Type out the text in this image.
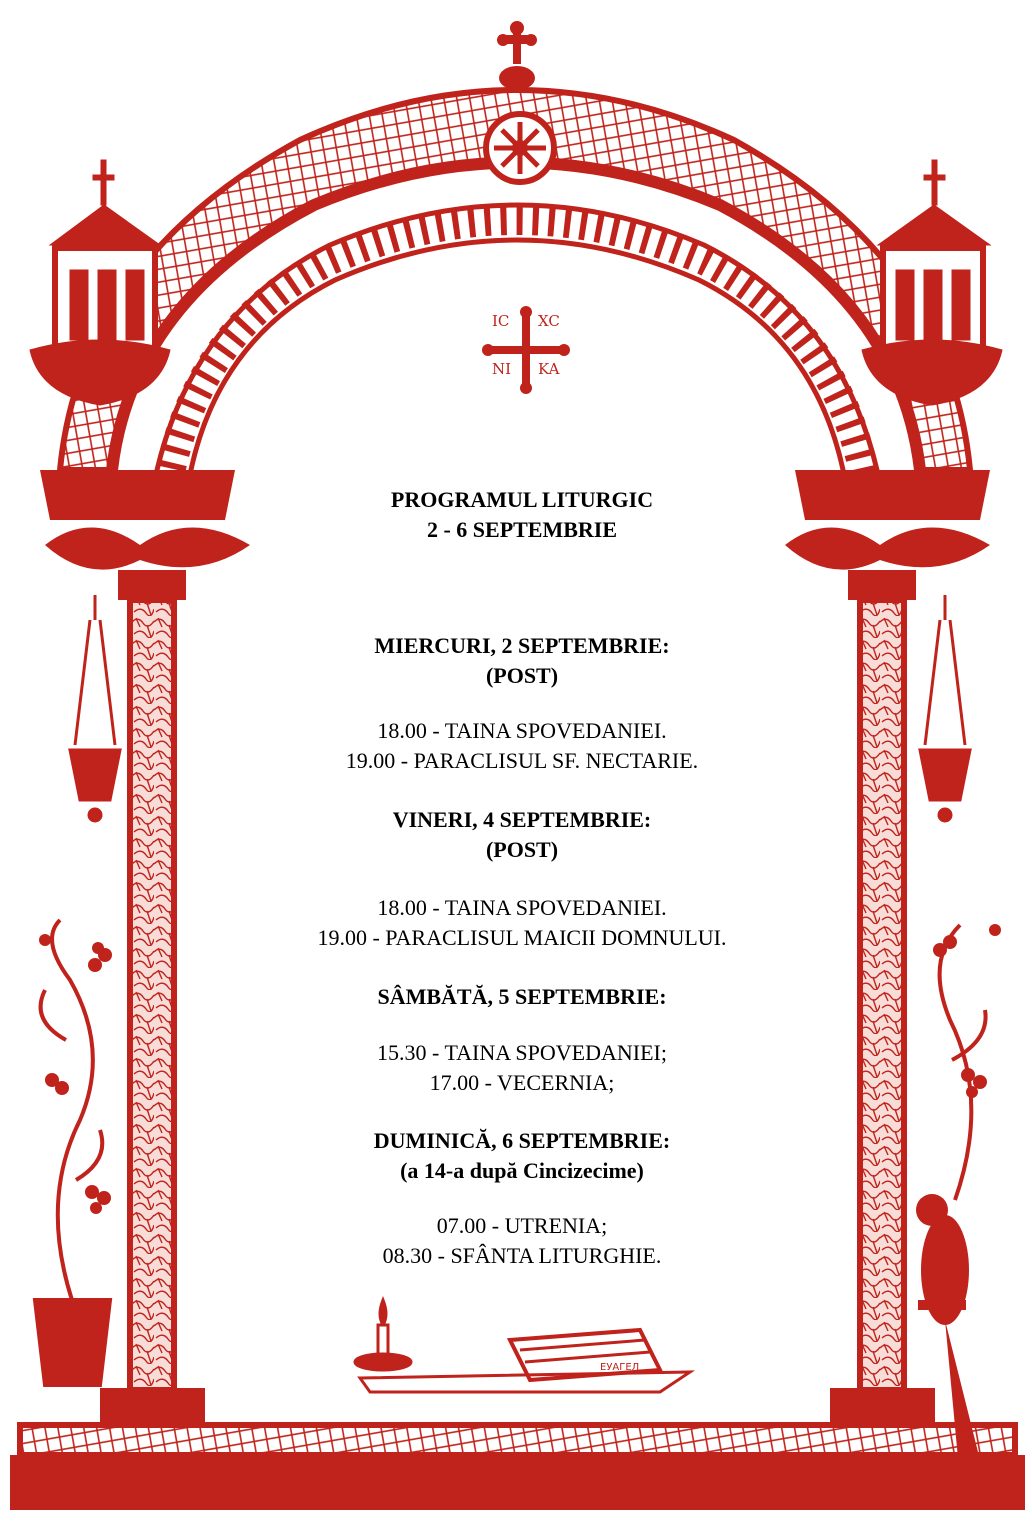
ЕУАГЕЛ
IC XC
NI KA
PROGRAMUL LITURGIC
2 - 6 SEPTEMBRIE
MIERCURI, 2 SEPTEMBRIE:
(POST)
18.00 - TAINA SPOVEDANIEI.
19.00 - PARACLISUL SF. NECTARIE.
VINERI, 4 SEPTEMBRIE:
(POST)
18.00 - TAINA SPOVEDANIEI.
19.00 - PARACLISUL MAICII DOMNULUI.
SÂMBĂTĂ, 5 SEPTEMBRIE:
15.30 - TAINA SPOVEDANIEI;
17.00 - VECERNIA;
DUMINICĂ, 6 SEPTEMBRIE:
(a 14-a după Cincizecime)
07.00 - UTRENIA;
08.30 - SFÂNTA LITURGHIE.
